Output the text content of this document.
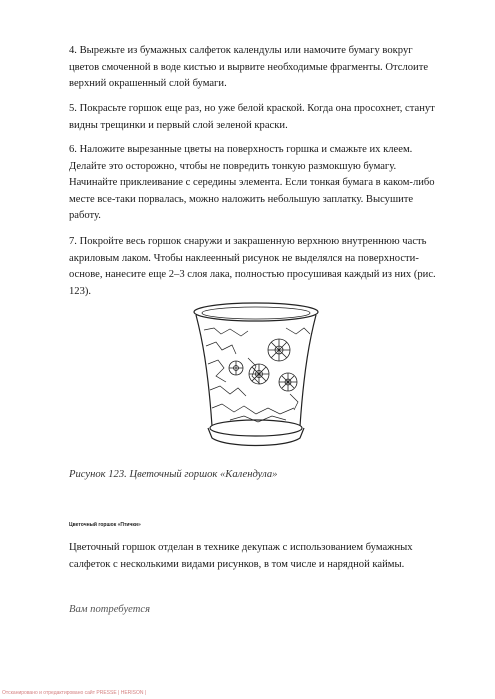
4. Вырежьте из бумажных салфеток календулы или намочите бумагу вокруг цветов смоченной в воде кистью и вырвите необходимые фрагменты. Отслоите верхний окрашенный слой бумаги.

5. Покрасьте горшок еще раз, но уже белой краской. Когда она просохнет, станут видны трещинки и первый слой зеленой краски.

6. Наложите вырезанные цветы на поверхность горшка и смажьте их клеем. Делайте это осторожно, чтобы не повредить тонкую размокшую бумагу. Начинайте приклеивание с середины элемента. Если тонкая бумага в каком-либо месте все-таки порвалась, можно наложить небольшую заплатку. Высушите работу.

7. Покройте весь горшок снаружи и закрашенную верхнюю внутреннюю часть акриловым лаком. Чтобы наклеенный рисунок не выделялся на поверхности-основе, нанесите еще 2–3 слоя лака, полностью просушивая каждый из них (рис. 123).

Рисунок 123. Цветочный горшок «Календула»
Цветочный горшок «Птички»

Цветочный горшок отделан в технике декупаж с использованием бумажных салфеток с несколькими видами рисунков, в том числе и нарядной каймы.

Вам потребуется
Отсканировано и отредактировано сайт PRESSE | HERISON |
